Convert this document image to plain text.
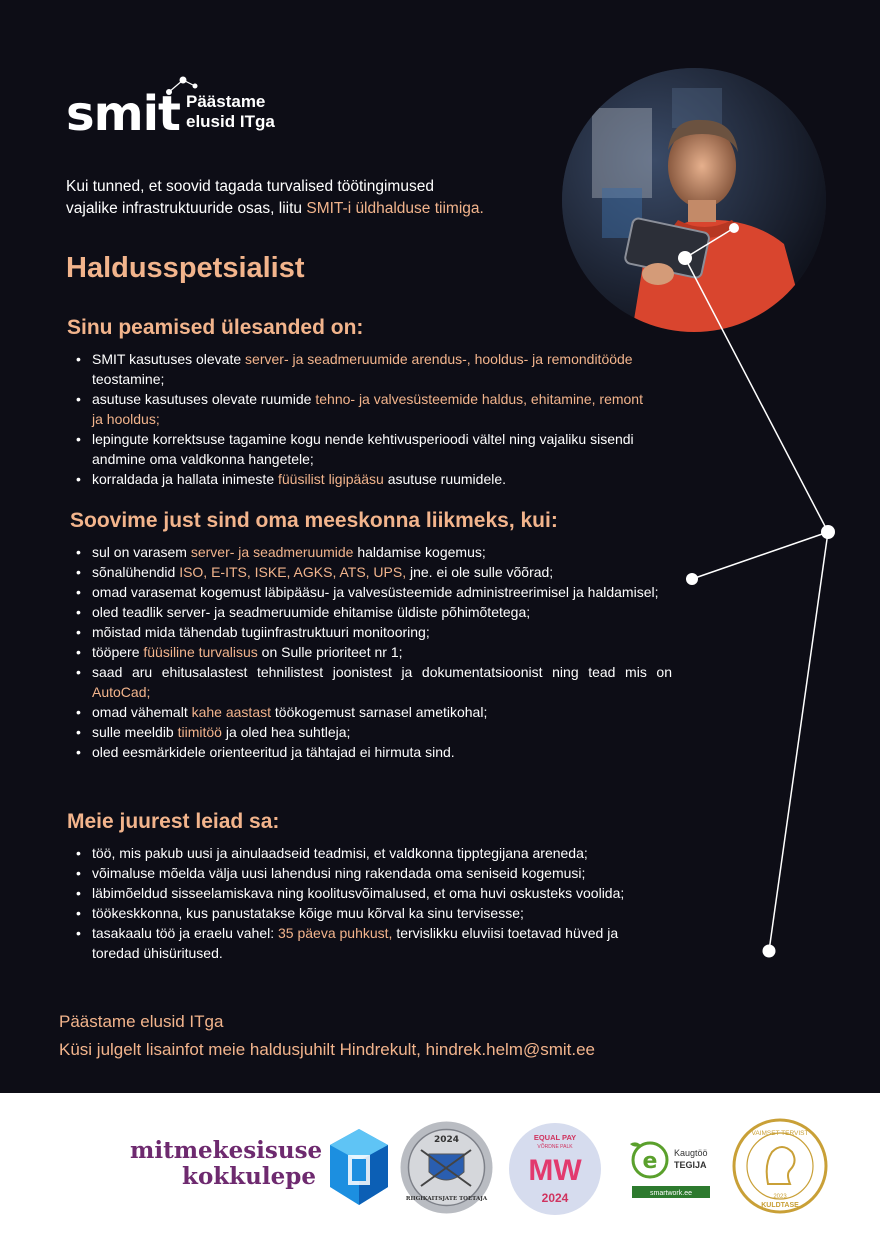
smit Päästame
elusid ITga

Kui tunned, et soovid tagada turvalised töötingimused vajalike infrastruktuuride osas, liitu SMIT-i üldhalduse tiimiga.

Haldusspetsialist
Sinu peamised ülesanded on:
• SMIT kasutuses olevate server- ja seadmeruumide arendus-, hooldus- ja remonditööde teostamine;
• asutuse kasutuses olevate ruumide tehno- ja valvesüsteemide haldus, ehitamine, remont ja hooldus;
• lepingute korrektsuse tagamine kogu nende kehtivusperioodi vältel ning vajaliku sisendi andmine oma valdkonna hangetele;
• korraldada ja hallata inimeste füüsilist ligipääsu asutuse ruumidele.
Soovime just sind oma meeskonna liikmeks, kui:
• sul on varasem server- ja seadmeruumide haldamise kogemus;
• sõnalühendid ISO, E-ITS, ISKE, AGKS, ATS, UPS, jne. ei ole sulle võõrad;
• omad varasemat kogemust läbipääsu- ja valvesüsteemide administreerimisel ja haldamisel;
• oled teadlik server- ja seadmeruumide ehitamise üldiste põhimõtetega;
• mõistad mida tähendab tugiinfrastruktuuri monitooring;
• tööpere füüsiline turvalisus on Sulle prioriteet nr 1;
• saad aru ehitusalastest tehnilistest joonistest ja dokumentatsioonist ning tead mis on AutoCad;
• omad vähemalt kahe aastast töökogemust sarnasel ametikohal;
• sulle meeldib tiimitöö ja oled hea suhtleja;
• oled eesmärkidele orienteeritud ja tähtajad ei hirmuta sind.
Meie juurest leiad sa:
• töö, mis pakub uusi ja ainulaadseid teadmisi, et valdkonna tipptegijana areneda;
• võimaluse mõelda välja uusi lahendusi ning rakendada oma seniseid kogemusi;
• läbimõeldud sisseelamiskava ning koolitusvõimalused, et oma huvi oskusteks voolida;
• töökeskkonna, kus panustatakse kõige muu kõrval ka sinu tervisesse;
• tasakaalu töö ja eraelu vahel: 35 päeva puhkust, tervislikku eluviisi toetavad hüved ja toredad ühisüritused.
Päästame elusid ITga
Küsi julgelt lisainfot meie haldusjuhilt Hindrekult, hindrek.helm@smit.ee
mitmekesisuse
kokkulepe
2024
RIIGIKAITSJATE TOETAJA
EQUAL PAY
VÕRDNE PALK
MW
2024
e Kaugtöö
TEGIJA
smartwork.ee
VAIMSET TERVIST
2023
KULDTASE
